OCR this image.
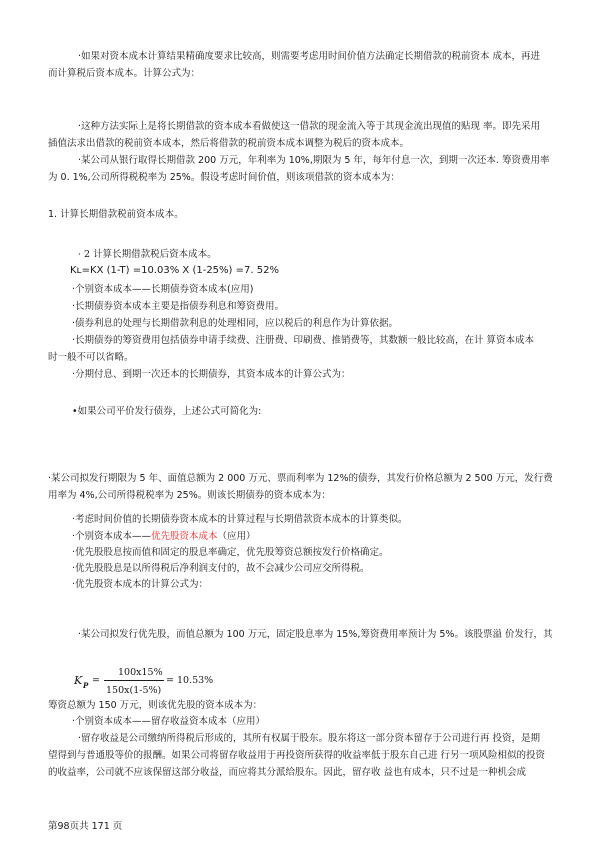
·如果对资本成本计算结果精确度要求比较高，则需要考虑用时间价值方法确定长期借款的税前资本 成本，再进
而计算税后资本成本。计算公式为：
·这种方法实际上是将长期借款的资本成本看做使这一借款的现金流入等于其现金流出现值的贴现 率。即先采用
插值法求出借款的税前资本成本，然后将借款的税前资本成本调整为税后的资本成本。
·某公司从银行取得长期借款 200 万元，年利率为 10%,期限为 5 年，每年付息一次，到期一次还本. 筹资费用率
为 0. 1%,公司所得税税率为 25%。假设考虑时间价值，则该项借款的资本成本为：
1. 计算长期借款税前资本成本。
· 2 计算长期借款税后资本成本。
Kʟ=KX (1-T) =10.03% X (1-25%) =7. 52%
·个别资本成本——长期债券资本成本(应用)
·长期债券资本成本主要是指债券利息和筹资费用。
·债券利息的处理与长期借款利息的处理相同，应以税后的利息作为计算依据。
·长期债券的筹资费用包括债券申请手续费、注册费、印刷费、推销费等，其数额一般比较高，在计 算资本成本
时一般不可以省略。
·分期付息、到期一次还本的长期债券，其资本成本的计算公式为：
•如果公司平价发行债券，上述公式可简化为:
·某公司拟发行期限为 5 年、面值总额为 2 000 万元、票而利率为 12%的债券，其发行价格总额为 2 500 万元，发行费
用率为 4%,公司所得税税率为 25%。则该长期债券的资本成本为：
·考虑时间价值的长期债券资本成本的计算过程与长期借款资本成本的计算类似。
·个别资本成本——优先股资本成本（应用）
·优先股股息按而值和固定的股息率确定，优先股筹资总额按发行价格确定。
·优先股股息是以所得税后净利润支付的，故不会减少公司应交所得税。
·优先股资本成本的计算公式为：
·某公司拟发行优先股，而值总额为 100 万元，固定股息率为 15%,筹资费用率预计为 5%。该股票溢 价发行，其
K P =
100x15%
150x(1-5%)
= 10.53%
筹资总额为 150 万元，则该优先股的资本成本为：
·个别资本成本——留存收益资本成本（应用）
·留存收益是公司缴纳所得税后形成的，其所有权属于股东。股东将这一部分资本留存于公司进行再 投资，是期
望得到与普通股等价的报酬。如果公司将留存收益用于再投资所获得的收益率低于股东自己进 行另一项风险相似的投资
的收益率，公司就不应该保留这部分收益，而应将其分派给股东。因此，留存收 益也有成本，只不过是一种机会成
第98页共 171 页
